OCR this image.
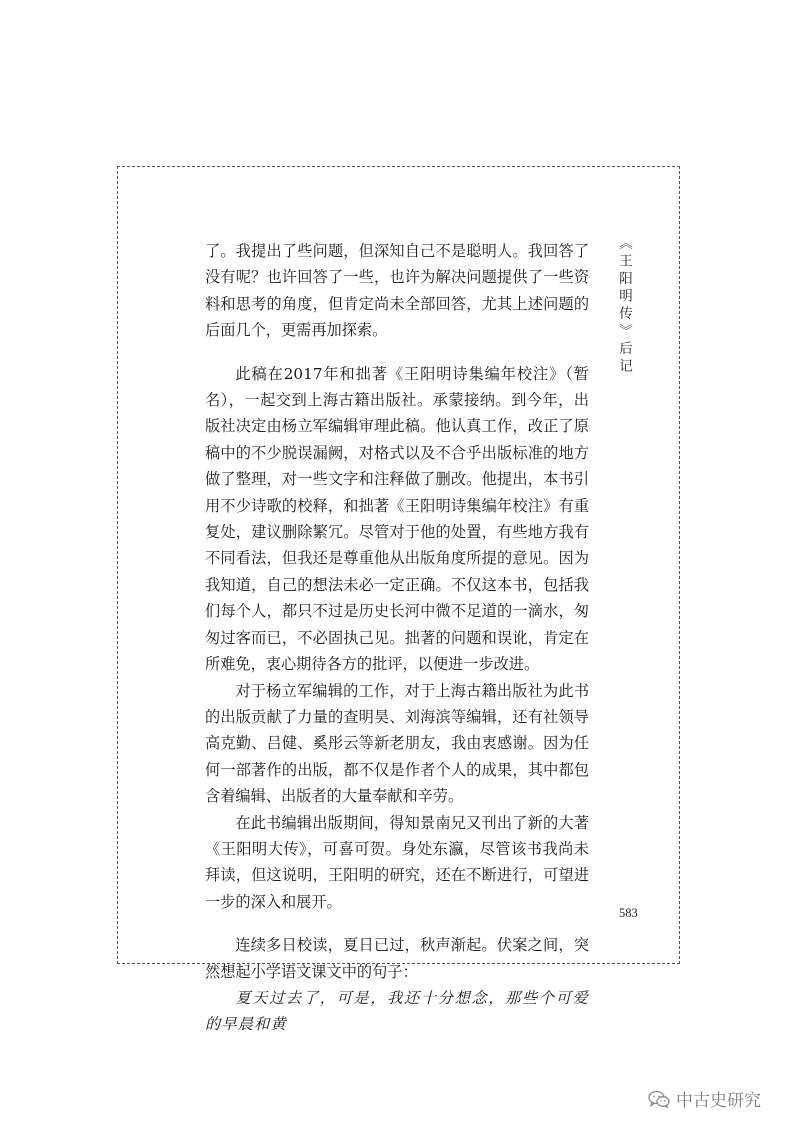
了。我提出了些问题，但深知自己不是聪明人。我回答了没有呢？也许回答了一些，也许为解决问题提供了一些资料和思考的角度，但肯定尚未全部回答，尤其上述问题的后面几个，更需再加探索。

此稿在2017年和拙著《王阳明诗集编年校注》（暂名），一起交到上海古籍出版社。承蒙接纳。到今年，出版社决定由杨立军编辑审理此稿。他认真工作，改正了原稿中的不少脱误漏阙，对格式以及不合乎出版标准的地方做了整理，对一些文字和注释做了删改。他提出，本书引用不少诗歌的校释，和拙著《王阳明诗集编年校注》有重复处，建议删除繁冗。尽管对于他的处置，有些地方我有不同看法，但我还是尊重他从出版角度所提的意见。因为我知道，自己的想法未必一定正确。不仅这本书，包括我们每个人，都只不过是历史长河中微不足道的一滴水，匆匆过客而已，不必固执己见。拙著的问题和误讹，肯定在所难免，衷心期待各方的批评，以便进一步改进。

对于杨立军编辑的工作，对于上海古籍出版社为此书的出版贡献了力量的查明昊、刘海滨等编辑，还有社领导高克勤、吕健、奚彤云等新老朋友，我由衷感谢。因为任何一部著作的出版，都不仅是作者个人的成果，其中都包含着编辑、出版者的大量奉献和辛劳。

在此书编辑出版期间，得知景南兄又刊出了新的大著《王阳明大传》，可喜可贺。身处东瀛，尽管该书我尚未拜读，但这说明，王阳明的研究，还在不断进行，可望进一步的深入和展开。

连续多日校读，夏日已过，秋声渐起。伏案之间，突然想起小学语文课文中的句子：

夏天过去了，可是，我还十分想念，那些个可爱的早晨和黄

《王阳明传》后记
583
中古史研究
